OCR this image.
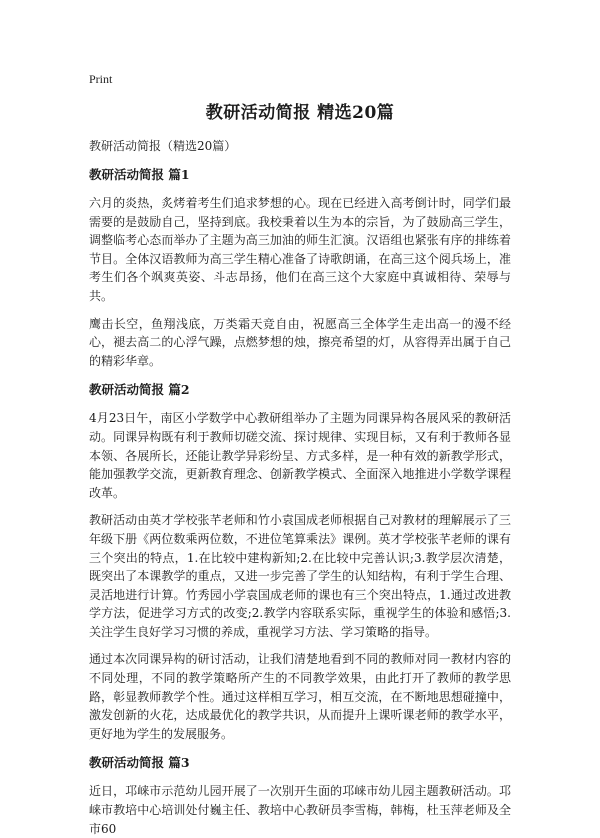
Print
教研活动简报 精选20篇
教研活动简报（精选20篇）
教研活动简报 篇1
六月的炎热，炙烤着考生们追求梦想的心。现在已经进入高考倒计时，同学们最需要的是鼓励自己，坚持到底。我校秉着以生为本的宗旨，为了鼓励高三学生，调整临考心态而举办了主题为高三加油的师生汇演。汉语组也紧张有序的排练着节目。全体汉语教师为高三学生精心准备了诗歌朗诵，在高三这个阅兵场上，准考生们各个飒爽英姿、斗志昂扬，他们在高三这个大家庭中真诚相待、荣辱与共。
鹰击长空，鱼翔浅底，万类霜天竞自由，祝愿高三全体学生走出高一的漫不经心，褪去高二的心浮气躁，点燃梦想的烛，擦亮希望的灯，从容得弄出属于自己的精彩华章。
教研活动简报 篇2
4月23日午，南区小学数学中心教研组举办了主题为同课异构各展风采的教研活动。同课异构既有利于教师切磋交流、探讨规律、实现目标，又有利于教师各显本领、各展所长，还能让教学异彩纷呈、方式多样，是一种有效的新教学形式，能加强教学交流，更新教育理念、创新教学模式、全面深入地推进小学数学课程改革。
教研活动由英才学校张芊老师和竹小袁国成老师根据自己对教材的理解展示了三年级下册《两位数乘两位数，不进位笔算乘法》课例。英才学校张芊老师的课有三个突出的特点，1.在比较中建构新知;2.在比较中完善认识;3.教学层次清楚，既突出了本课教学的重点，又进一步完善了学生的认知结构，有利于学生合理、灵活地进行计算。竹秀园小学袁国成老师的课也有三个突出特点，1.通过改进教学方法，促进学习方式的改变;2.教学内容联系实际，重视学生的体验和感悟;3.关注学生良好学习习惯的养成，重视学习方法、学习策略的指导。
通过本次同课异构的研讨活动，让我们清楚地看到不同的教师对同一教材内容的不同处理，不同的教学策略所产生的不同教学效果，由此打开了教师的教学思路，彰显教师教学个性。通过这样相互学习，相互交流，在不断地思想碰撞中，激发创新的火花，达成最优化的教学共识，从而提升上课听课老师的教学水平，更好地为学生的发展服务。
教研活动简报 篇3
近日，邛崃市示范幼儿园开展了一次别开生面的邛崃市幼儿园主题教研活动。邛崃市教培中心培训处付巍主任、教培中心教研员李雪梅，韩梅，杜玉萍老师及全市60
